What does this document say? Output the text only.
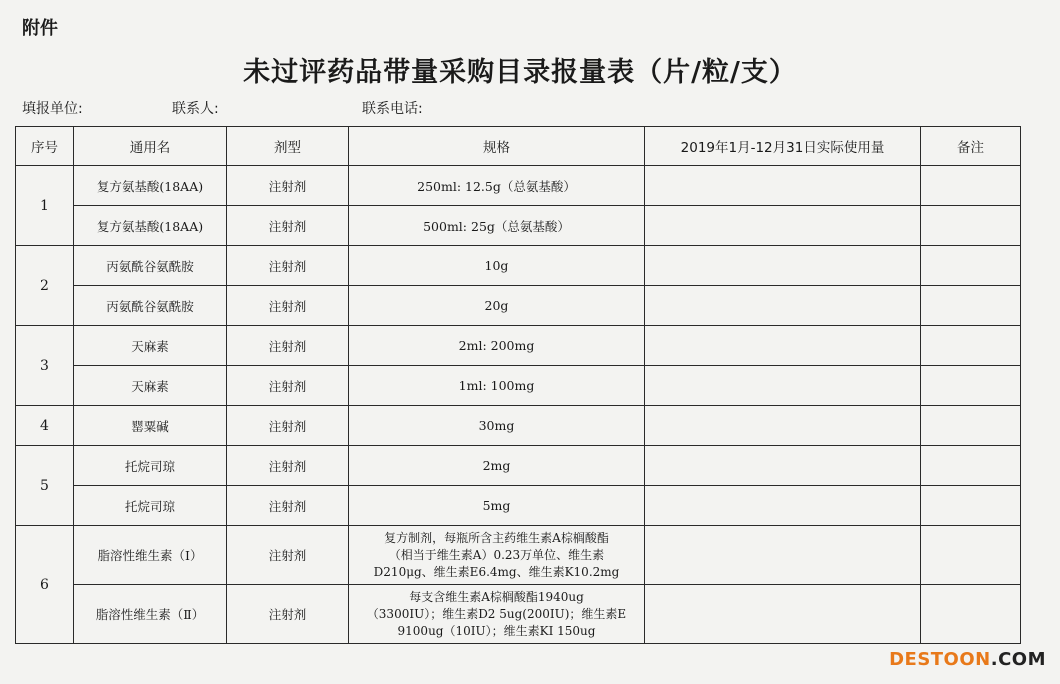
附件
未过评药品带量采购目录报量表（片/粒/支）
填报单位:	联系人:	联系电话:
序号	通用名	剂型	规格	2019年1月-12月31日实际使用量	备注
1	复方氨基酸(18AA)	注射剂	250ml: 12.5g（总氨基酸）		

	复方氨基酸(18AA)	注射剂	500ml: 25g（总氨基酸）		

2	丙氨酰谷氨酰胺	注射剂	10g		

	丙氨酰谷氨酰胺	注射剂	20g		

3	天麻素	注射剂	2ml: 200mg		

	天麻素	注射剂	1ml: 100mg		

4	罂粟碱	注射剂	30mg		

5	托烷司琼	注射剂	2mg		

	托烷司琼	注射剂	5mg		

6	脂溶性维生素（Ⅰ）	注射剂	复方制剂，每瓶所含主药维生素A棕榈酸酯
（相当于维生素A）0.23万单位、维生素
D210μg、维生素E6.4mg、维生素K10.2mg		

	脂溶性维生素（Ⅱ）	注射剂	每支含维生素A棕榈酸酯1940ug
（3300IU）；维生素D2 5ug(200IU)；维生素E
9100ug（10IU）；维生素KI 150ug		

DESTOON.COM
